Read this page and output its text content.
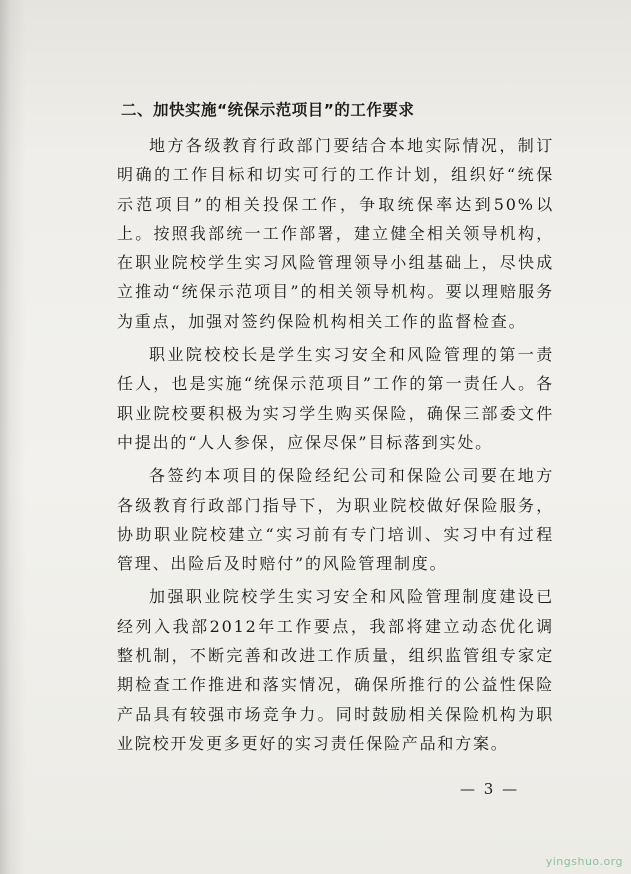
二、加快实施“统保示范项目”的工作要求

地方各级教育行政部门要结合本地实际情况，制订明确的工作目标和切实可行的工作计划，组织好“统保示范项目”的相关投保工作，争取统保率达到50%以上。按照我部统一工作部署，建立健全相关领导机构，在职业院校学生实习风险管理领导小组基础上，尽快成立推动“统保示范项目”的相关领导机构。要以理赔服务为重点，加强对签约保险机构相关工作的监督检查。

职业院校校长是学生实习安全和风险管理的第一责任人，也是实施“统保示范项目”工作的第一责任人。各职业院校要积极为实习学生购买保险，确保三部委文件中提出的“人人参保，应保尽保”目标落到实处。

各签约本项目的保险经纪公司和保险公司要在地方各级教育行政部门指导下，为职业院校做好保险服务，协助职业院校建立“实习前有专门培训、实习中有过程管理、出险后及时赔付”的风险管理制度。

加强职业院校学生实习安全和风险管理制度建设已经列入我部2012年工作要点，我部将建立动态优化调整机制，不断完善和改进工作质量，组织监管组专家定期检查工作推进和落实情况，确保所推行的公益性保险产品具有较强市场竞争力。同时鼓励相关保险机构为职业院校开发更多更好的实习责任保险产品和方案。

— 3 —
yingshuo.org
